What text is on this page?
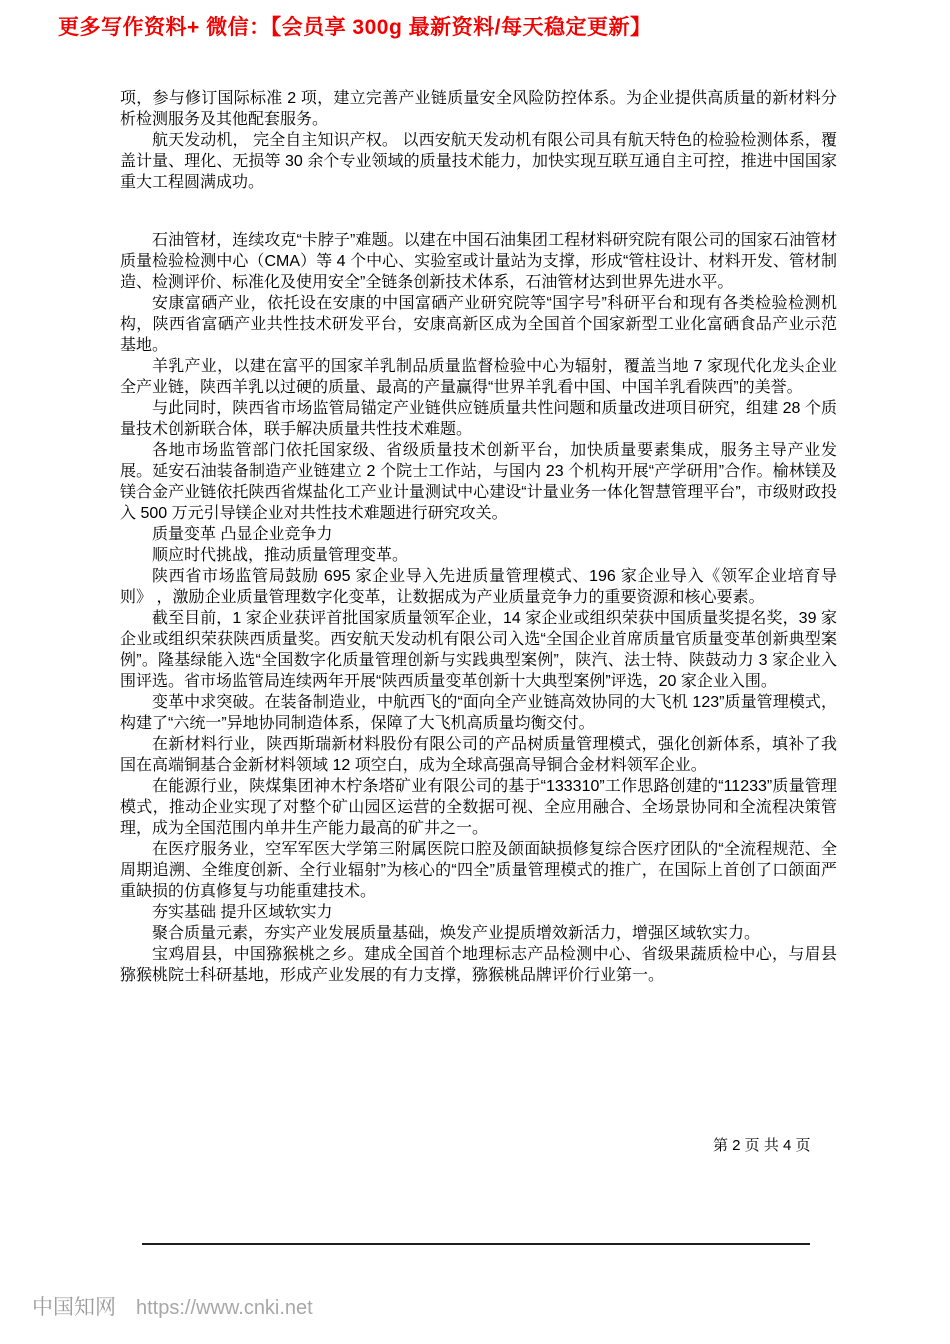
更多写作资料+ 微信：【会员享 300g 最新资料/每天稳定更新】

项，参与修订国际标准 2 项，建立完善产业链质量安全风险防控体系。为企业提供高质量的新材料分析检测服务及其他配套服务。

航天发动机， 完全自主知识产权。 以西安航天发动机有限公司具有航天特色的检验检测体系，覆盖计量、理化、无损等 30 余个专业领域的质量技术能力，加快实现互联互通自主可控，推进中国国家重大工程圆满成功。

石油管材，连续攻克“卡脖子”难题。以建在中国石油集团工程材料研究院有限公司的国家石油管材质量检验检测中心（CMA）等 4 个中心、实验室或计量站为支撑，形成“管柱设计、材料开发、管材制造、检测评价、标准化及使用安全”全链条创新技术体系，石油管材达到世界先进水平。

安康富硒产业，依托设在安康的中国富硒产业研究院等“国字号”科研平台和现有各类检验检测机构，陕西省富硒产业共性技术研发平台，安康高新区成为全国首个国家新型工业化富硒食品产业示范基地。

羊乳产业，以建在富平的国家羊乳制品质量监督检验中心为辐射，覆盖当地 7 家现代化龙头企业全产业链，陕西羊乳以过硬的质量、最高的产量赢得“世界羊乳看中国、中国羊乳看陕西”的美誉。

与此同时，陕西省市场监管局锚定产业链供应链质量共性问题和质量改进项目研究，组建 28 个质量技术创新联合体，联手解决质量共性技术难题。

各地市场监管部门依托国家级、省级质量技术创新平台，加快质量要素集成，服务主导产业发展。延安石油装备制造产业链建立 2 个院士工作站，与国内 23 个机构开展“产学研用”合作。榆林镁及镁合金产业链依托陕西省煤盐化工产业计量测试中心建设“计量业务一体化智慧管理平台”，市级财政投入 500 万元引导镁企业对共性技术难题进行研究攻关。

质量变革 凸显企业竞争力

顺应时代挑战，推动质量管理变革。

陕西省市场监管局鼓励 695 家企业导入先进质量管理模式、196 家企业导入《领军企业培育导则》 ，激励企业质量管理数字化变革，让数据成为产业质量竞争力的重要资源和核心要素。

截至目前，1 家企业获评首批国家质量领军企业，14 家企业或组织荣获中国质量奖提名奖，39 家企业或组织荣获陕西质量奖。西安航天发动机有限公司入选“全国企业首席质量官质量变革创新典型案例”。隆基绿能入选“全国数字化质量管理创新与实践典型案例”，陕汽、法士特、陕鼓动力 3 家企业入围评选。省市场监管局连续两年开展“陕西质量变革创新十大典型案例”评选，20 家企业入围。

变革中求突破。在装备制造业，中航西飞的“面向全产业链高效协同的大飞机 123”质量管理模式，构建了“六统一”异地协同制造体系，保障了大飞机高质量均衡交付。

在新材料行业，陕西斯瑞新材料股份有限公司的产品树质量管理模式，强化创新体系，填补了我国在高端铜基合金新材料领域 12 项空白，成为全球高强高导铜合金材料领军企业。

在能源行业，陕煤集团神木柠条塔矿业有限公司的基于“133310”工作思路创建的“11233”质量管理模式，推动企业实现了对整个矿山园区运营的全数据可视、全应用融合、全场景协同和全流程决策管理，成为全国范围内单井生产能力最高的矿井之一。

在医疗服务业，空军军医大学第三附属医院口腔及颌面缺损修复综合医疗团队的“全流程规范、全周期追溯、全维度创新、全行业辐射”为核心的“四全”质量管理模式的推广，在国际上首创了口颌面严重缺损的仿真修复与功能重建技术。

夯实基础 提升区域软实力

聚合质量元素，夯实产业发展质量基础，焕发产业提质增效新活力，增强区域软实力。

宝鸡眉县，中国猕猴桃之乡。建成全国首个地理标志产品检测中心、省级果蔬质检中心，与眉县猕猴桃院士科研基地，形成产业发展的有力支撑，猕猴桃品牌评价行业第一。

第 2 页 共 4 页
中国知网 https://www.cnki.net
